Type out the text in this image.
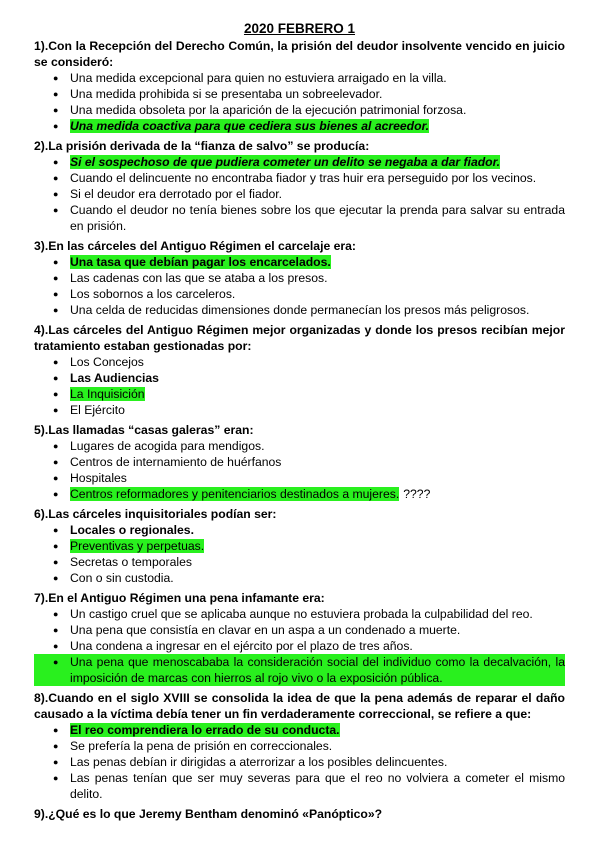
2020 FEBRERO 1

1).Con la Recepción del Derecho Común, la prisión del deudor insolvente vencido en juicio se consideró:

● Una medida excepcional para quien no estuviera arraigado en la villa.
● Una medida prohibida si se presentaba un sobreelevador.
● Una medida obsoleta por la aparición de la ejecución patrimonial forzosa.
● Una medida coactiva para que cediera sus bienes al acreedor.

2).La prisión derivada de la “fianza de salvo” se producía:

● Si el sospechoso de que pudiera cometer un delito se negaba a dar fiador.
● Cuando el delincuente no encontraba fiador y tras huir era perseguido por los vecinos.
● Si el deudor era derrotado por el fiador.
● Cuando el deudor no tenía bienes sobre los que ejecutar la prenda para salvar su entrada en prisión.

3).En las cárceles del Antiguo Régimen el carcelaje era:

● Una tasa que debían pagar los encarcelados.
● Las cadenas con las que se ataba a los presos.
● Los sobornos a los carceleros.
● Una celda de reducidas dimensiones donde permanecían los presos más peligrosos.

4).Las cárceles del Antiguo Régimen mejor organizadas y donde los presos recibían mejor tratamiento estaban gestionadas por:

● Los Concejos
● Las Audiencias
● La Inquisición
● El Ejército

5).Las llamadas “casas galeras” eran:

● Lugares de acogida para mendigos.
● Centros de internamiento de huérfanos
● Hospitales
● Centros reformadores y penitenciarios destinados a mujeres. ????

6).Las cárceles inquisitoriales podían ser:

● Locales o regionales.
● Preventivas y perpetuas.
● Secretas o temporales
● Con o sin custodia.

7).En el Antiguo Régimen una pena infamante era:

● Un castigo cruel que se aplicaba aunque no estuviera probada la culpabilidad del reo.
● Una pena que consistía en clavar en un aspa a un condenado a muerte.
● Una condena a ingresar en el ejército por el plazo de tres años.
● Una pena que menoscababa la consideración social del individuo como la decalvación, la imposición de marcas con hierros al rojo vivo o la exposición pública.

8).Cuando en el siglo XVIII se consolida la idea de que la pena además de reparar el daño causado a la víctima debía tener un fin verdaderamente correccional, se refiere a que:

● El reo comprendiera lo errado de su conducta.
● Se prefería la pena de prisión en correccionales.
● Las penas debían ir dirigidas a aterrorizar a los posibles delincuentes.
● Las penas tenían que ser muy severas para que el reo no volviera a cometer el mismo delito.

9).¿Qué es lo que Jeremy Bentham denominó «Panóptico»?
